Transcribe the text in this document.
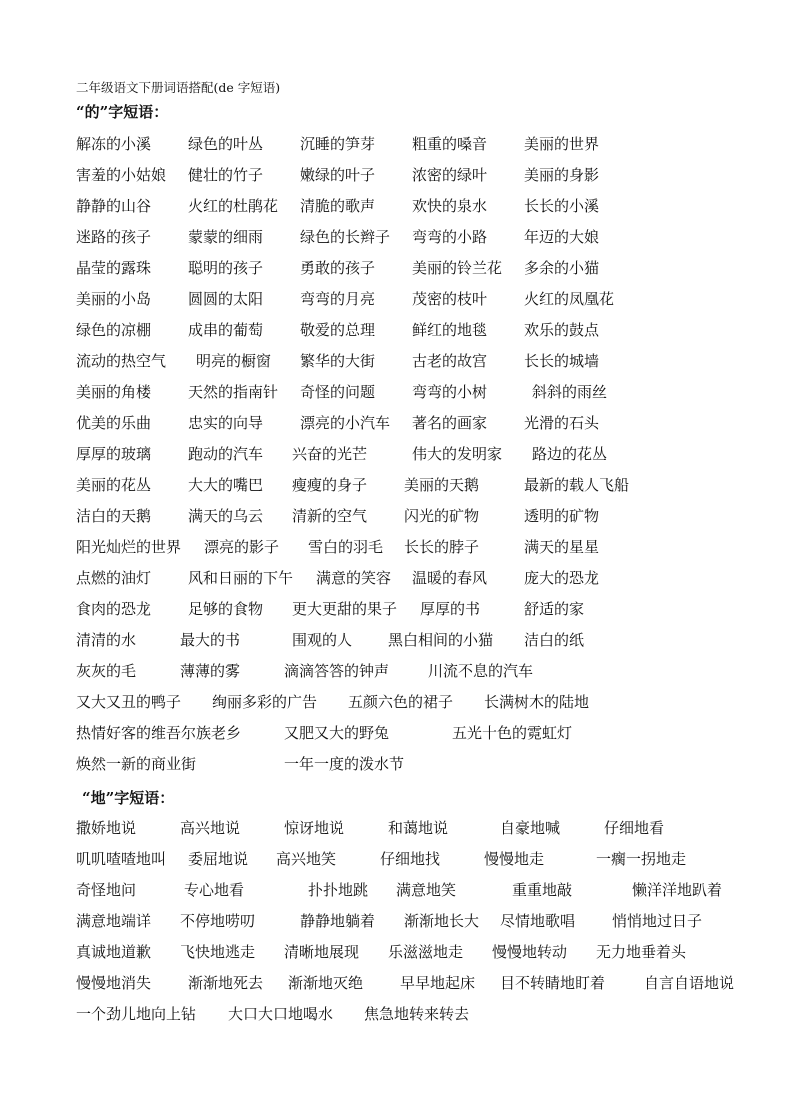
二年级语文下册词语搭配(de 字短语)
“的”字短语：
解冻的小溪 绿色的叶丛 沉睡的笋芽 粗重的嗓音 美丽的世界
害羞的小姑娘 健壮的竹子 嫩绿的叶子 浓密的绿叶 美丽的身影
静静的山谷 火红的杜鹃花 清脆的歌声 欢快的泉水 长长的小溪
迷路的孩子 蒙蒙的细雨 绿色的长辫子 弯弯的小路 年迈的大娘
晶莹的露珠 聪明的孩子 勇敢的孩子 美丽的铃兰花 多余的小猫
美丽的小岛 圆圆的太阳 弯弯的月亮 茂密的枝叶 火红的凤凰花
绿色的凉棚 成串的葡萄 敬爱的总理 鲜红的地毯 欢乐的鼓点
流动的热空气 明亮的橱窗 繁华的大街 古老的故宫 长长的城墙
美丽的角楼 天然的指南针 奇怪的问题 弯弯的小树	斜斜的雨丝
优美的乐曲 忠实的向导 漂亮的小汽车 著名的画家 光滑的石头
厚厚的玻璃 跑动的汽车 兴奋的光芒	伟大的发明家 路边的花丛
美丽的花丛 大大的嘴巴 瘦瘦的身子 美丽的天鹅	最新的载人飞船
洁白的天鹅 满天的乌云 清新的空气 闪光的矿物	透明的矿物
阳光灿烂的世界 漂亮的影子 雪白的羽毛 长长的脖子	满天的星星
点燃的油灯 风和日丽的下午 满意的笑容 温暖的春风 庞大的恐龙
食肉的恐龙 足够的食物 更大更甜的果子 厚厚的书	舒适的家
清清的水	最大的书	围观的人 黑白相间的小猫 洁白的纸
灰灰的毛	薄薄的雾	滴滴答答的钟声	川流不息的汽车
又大又丑的鸭子 绚丽多彩的广告 五颜六色的裙子 长满树木的陆地
热情好客的维吾尔族老乡	又肥又大的野兔	五光十色的霓虹灯
焕然一新的商业街	一年一度的泼水节
“地”字短语：
撒娇地说	高兴地说	惊讶地说	和蔼地说	自豪地喊	仔细地看
叽叽喳喳地叫 委屈地说 高兴地笑	仔细地找	慢慢地走	一瘸一拐地走
奇怪地问	专心地看	扑扑地跳 满意地笑	重重地敲	懒洋洋地趴着
满意地端详 不停地唠叨	静静地躺着 渐渐地长大 尽情地歌唱 悄悄地过日子
真诚地道歉 飞快地逃走 清晰地展现 乐滋滋地走 慢慢地转动 无力地垂着头
慢慢地消失 渐渐地死去 渐渐地灭绝 早早地起床 目不转睛地盯着	自言自语地说
一个劲儿地向上钻 大口大口地喝水 焦急地转来转去
